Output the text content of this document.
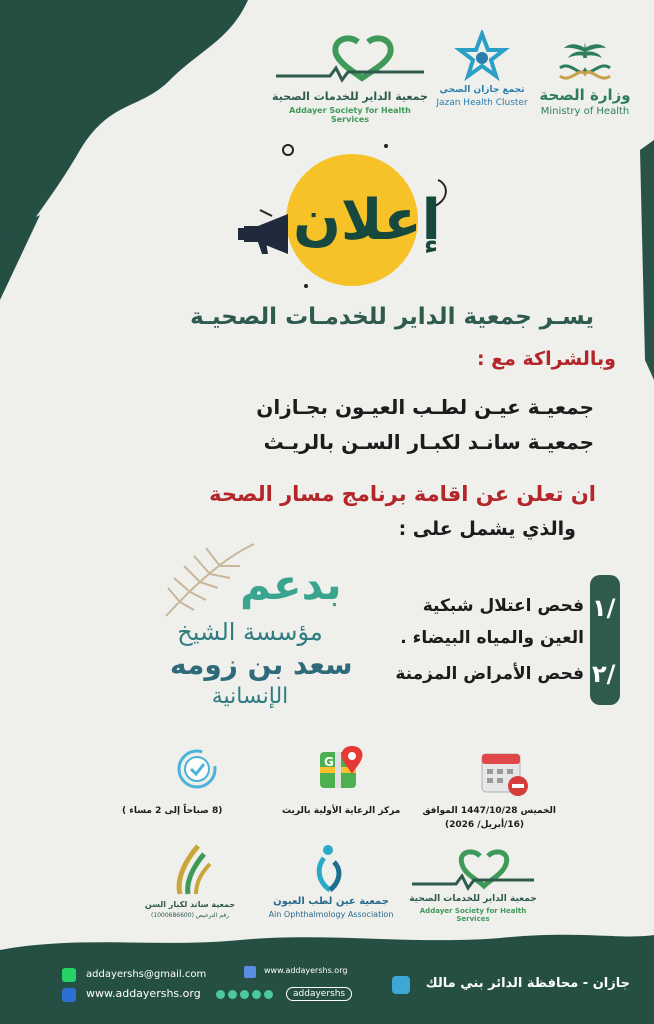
وزارة الصحة
Ministry of Health
تجمع جازان الصحي
Jazan Health Cluster
جمعية الداير للخدمات الصحية
Addayer Society for Health Services
إعلان
يسـر جمعية الداير للخدمـات الصحيـة
وبالشراكة مع :
جمعيـة عيـن لطـب العيـون بجـازان
جمعيـة سانـد لكبـار السـن بالريـث
ان تعلن عن اقامة برنامج مسار الصحة
والذي يشمل على :
بدعم
مؤسسة الشيخ
سعد بن زومه
الإنسانية
١/
٢/
فحص اعتلال شبكية
العين والمياه البيضاء .
فحص الأمراض المزمنة
G
الخميس 1447/10/28 الموافق
(16/أبريل/ 2026)
مركز الرعاية الأولية بالريث
(8 صباحاً إلى 2 مساء )
جمعية الداير للخدمات الصحية
Addayer Society for Health Services
جمعية عين لطب العيون
Ain Ophthalmology Association
جمعية ساند لكبار السن
رقم الترخيص (1000686600)
addayershs@gmail.com
www.addayershs.org
www.addayershs.org
addayershs
جازان - محافظة الدائر بني مالك
